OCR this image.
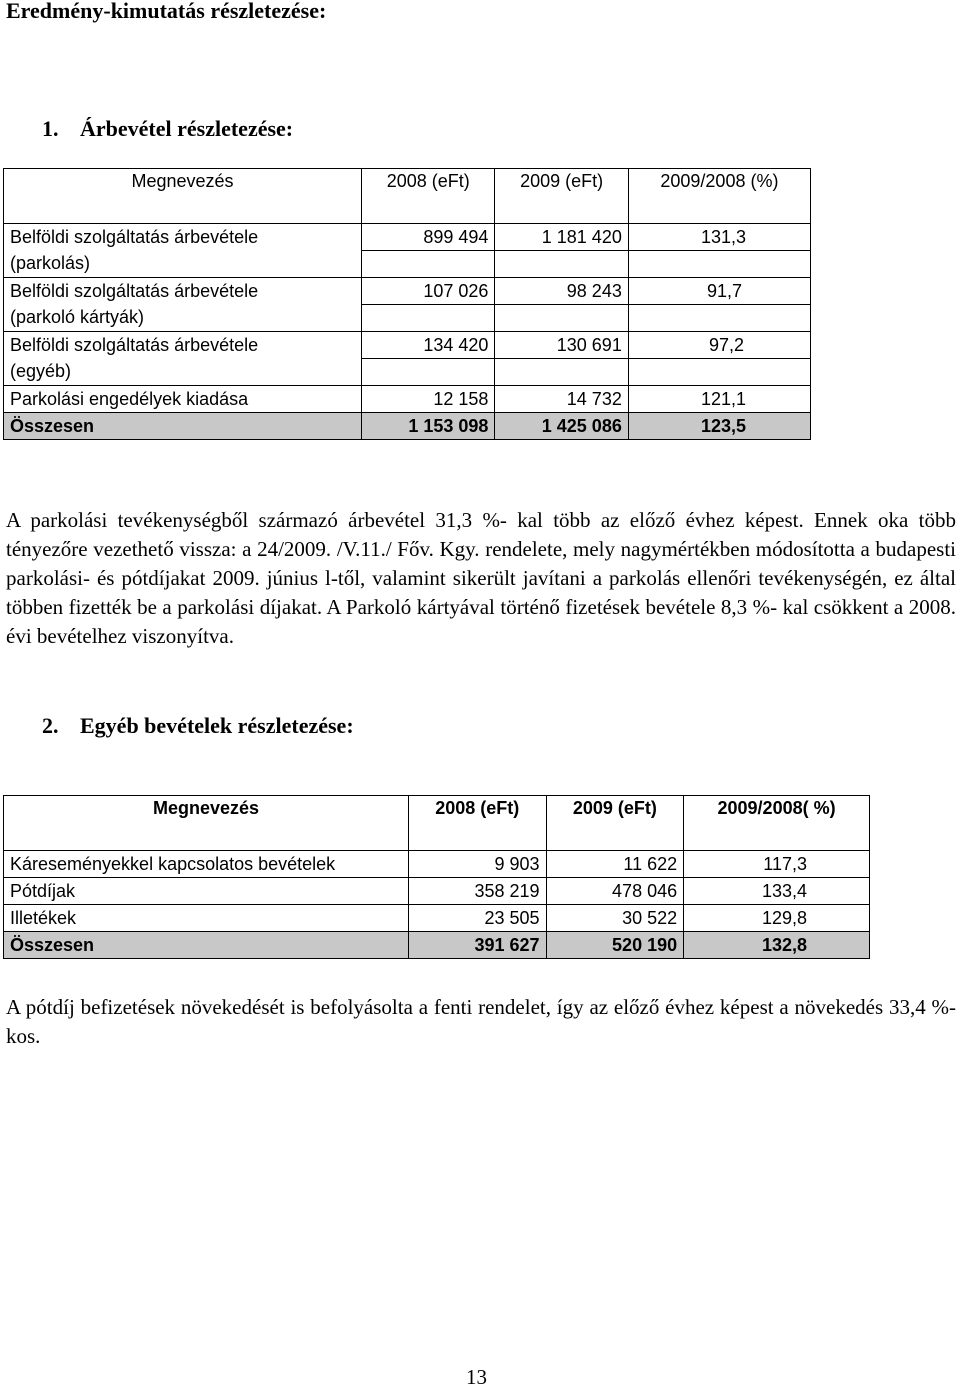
Eredmény-kimutatás részletezése:
1. Árbevétel részletezése:
Megnevezés	2008 (eFt)	2009 (eFt)	2009/2008 (%)
Belföldi szolgáltatás árbevétele	899 494	1 181 420	131,3
(parkolás)			
Belföldi szolgáltatás árbevétele	107 026	98 243	91,7
(parkoló kártyák)			
Belföldi szolgáltatás árbevétele	134 420	130 691	97,2
(egyéb)			
Parkolási engedélyek kiadása	12 158	14 732	121,1
Összesen	1 153 098	1 425 086	123,5
A parkolási tevékenységből származó árbevétel 31,3 %- kal több az előző évhez képest. Ennek oka több tényezőre vezethető vissza: a 24/2009. /V.11./ Főv. Kgy. rendelete, mely nagymértékben módosította a budapesti parkolási- és pótdíjakat 2009. június l-től, valamint sikerült javítani a parkolás ellenőri tevékenységén, ez által többen fizették be a parkolási díjakat. A Parkoló kártyával történő fizetések bevétele 8,3 %- kal csökkent a 2008. évi bevételhez viszonyítva.
2. Egyéb bevételek részletezése:
Megnevezés	2008 (eFt)	2009 (eFt)	2009/2008( %)
Káreseményekkel kapcsolatos bevételek	9 903	11 622	117,3
Pótdíjak	358 219	478 046	133,4
Illetékek	23 505	30 522	129,8
Összesen	391 627	520 190	132,8
A pótdíj befizetések növekedését is befolyásolta a fenti rendelet, így az előző évhez képest a növekedés 33,4 %- kos.
13
